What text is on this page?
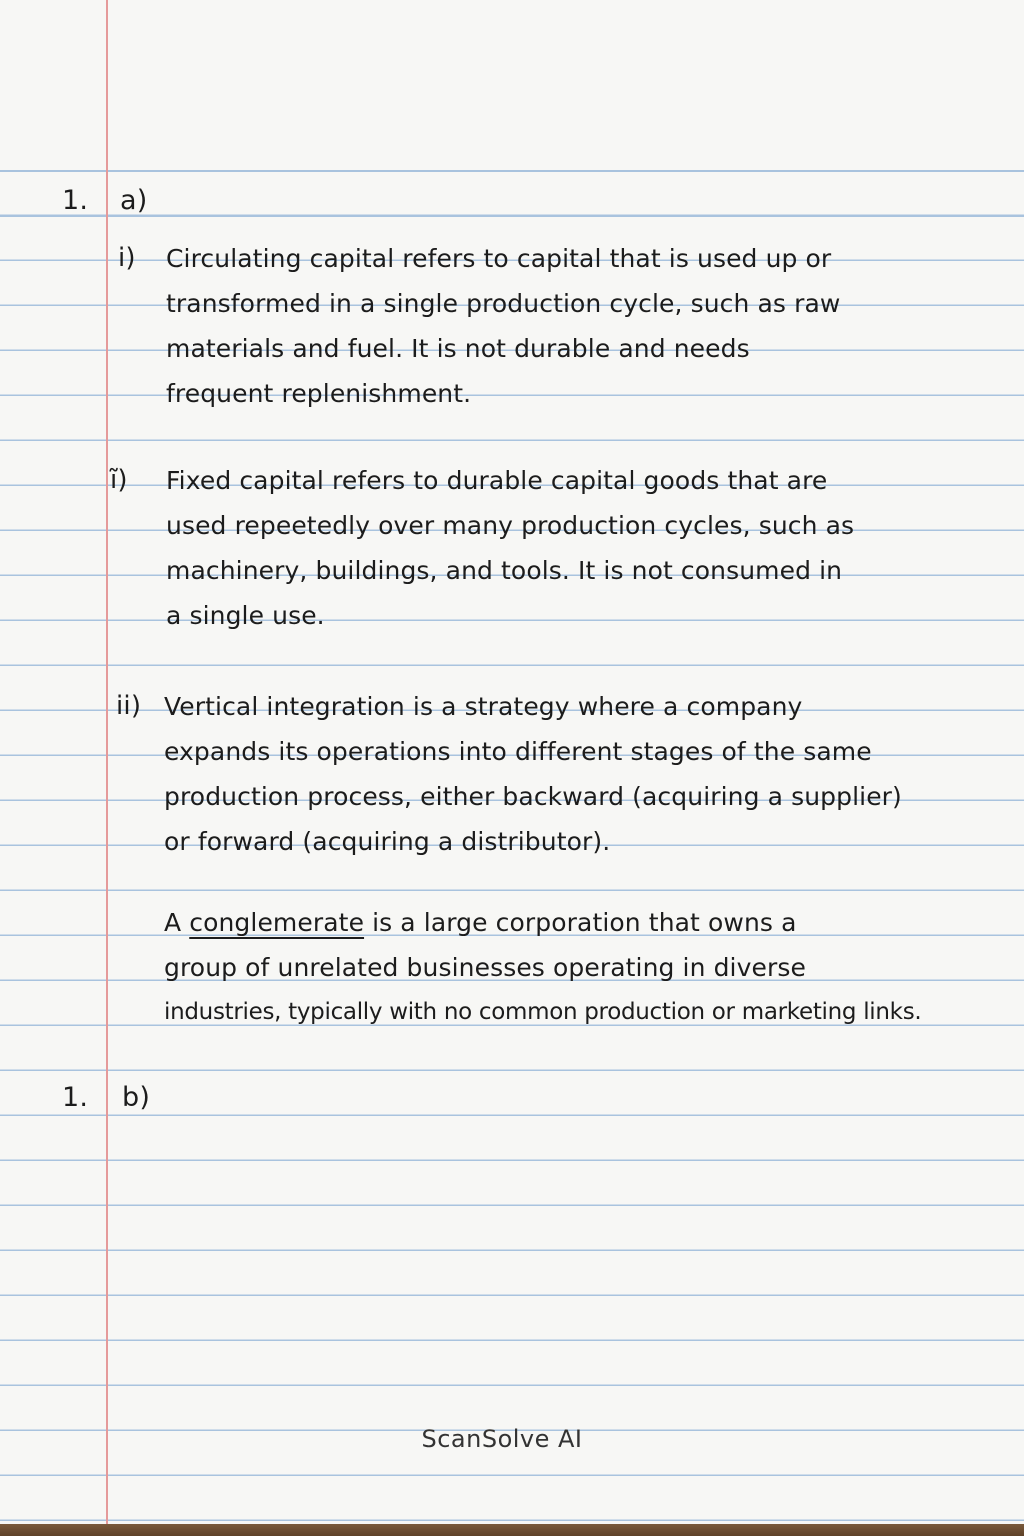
1. a)
i) Circulating capital refers to capital that is used up or
transformed in a single production cycle, such as raw
materials and fuel. It is not durable and needs
frequent replenishment.
ĩ) Fixed capital refers to durable capital goods that are
used repeetedly over many production cycles, such as
machinery, buildings, and tools. It is not consumed in
a single use.
ii) Vertical integration is a strategy where a company
expands its operations into different stages of the same
production process, either backward (acquiring a supplier)
or forward (acquiring a distributor).
A conglemerate is a large corporation that owns a
group of unrelated businesses operating in diverse
industries, typically with no common production or marketing links.
1. b)
ScanSolve AI
